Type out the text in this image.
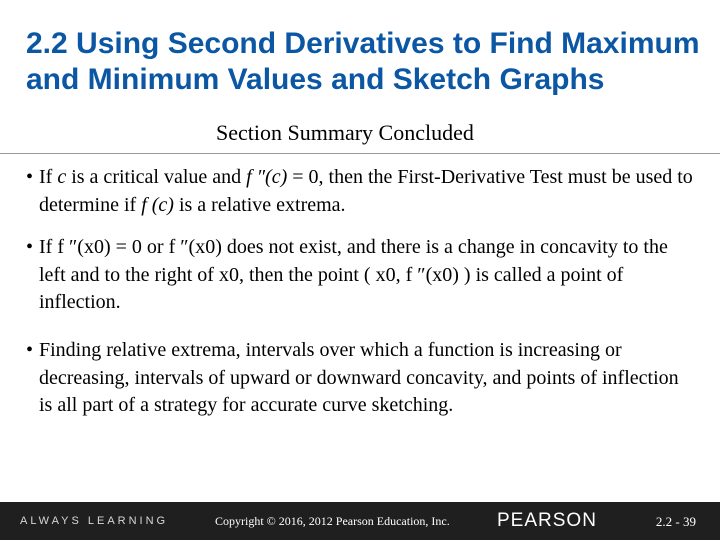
2.2 Using Second Derivatives to Find Maximum and Minimum Values and Sketch Graphs
Section Summary Concluded

• If c is a critical value and f ″(c) = 0, then the First-Derivative Test must be used to determine if f (c) is a relative extrema.

• If f ″(x0) = 0 or f ″(x0) does not exist, and there is a change in concavity to the left and to the right of x0, then the point ( x0, f ″(x0) ) is called a point of inflection.

• Finding relative extrema, intervals over which a function is increasing or decreasing, intervals of upward or downward concavity, and points of inflection is all part of a strategy for accurate curve sketching.

ALWAYS LEARNING	Copyright © 2016, 2012 Pearson Education, Inc. PEARSON	2.2 - 39
